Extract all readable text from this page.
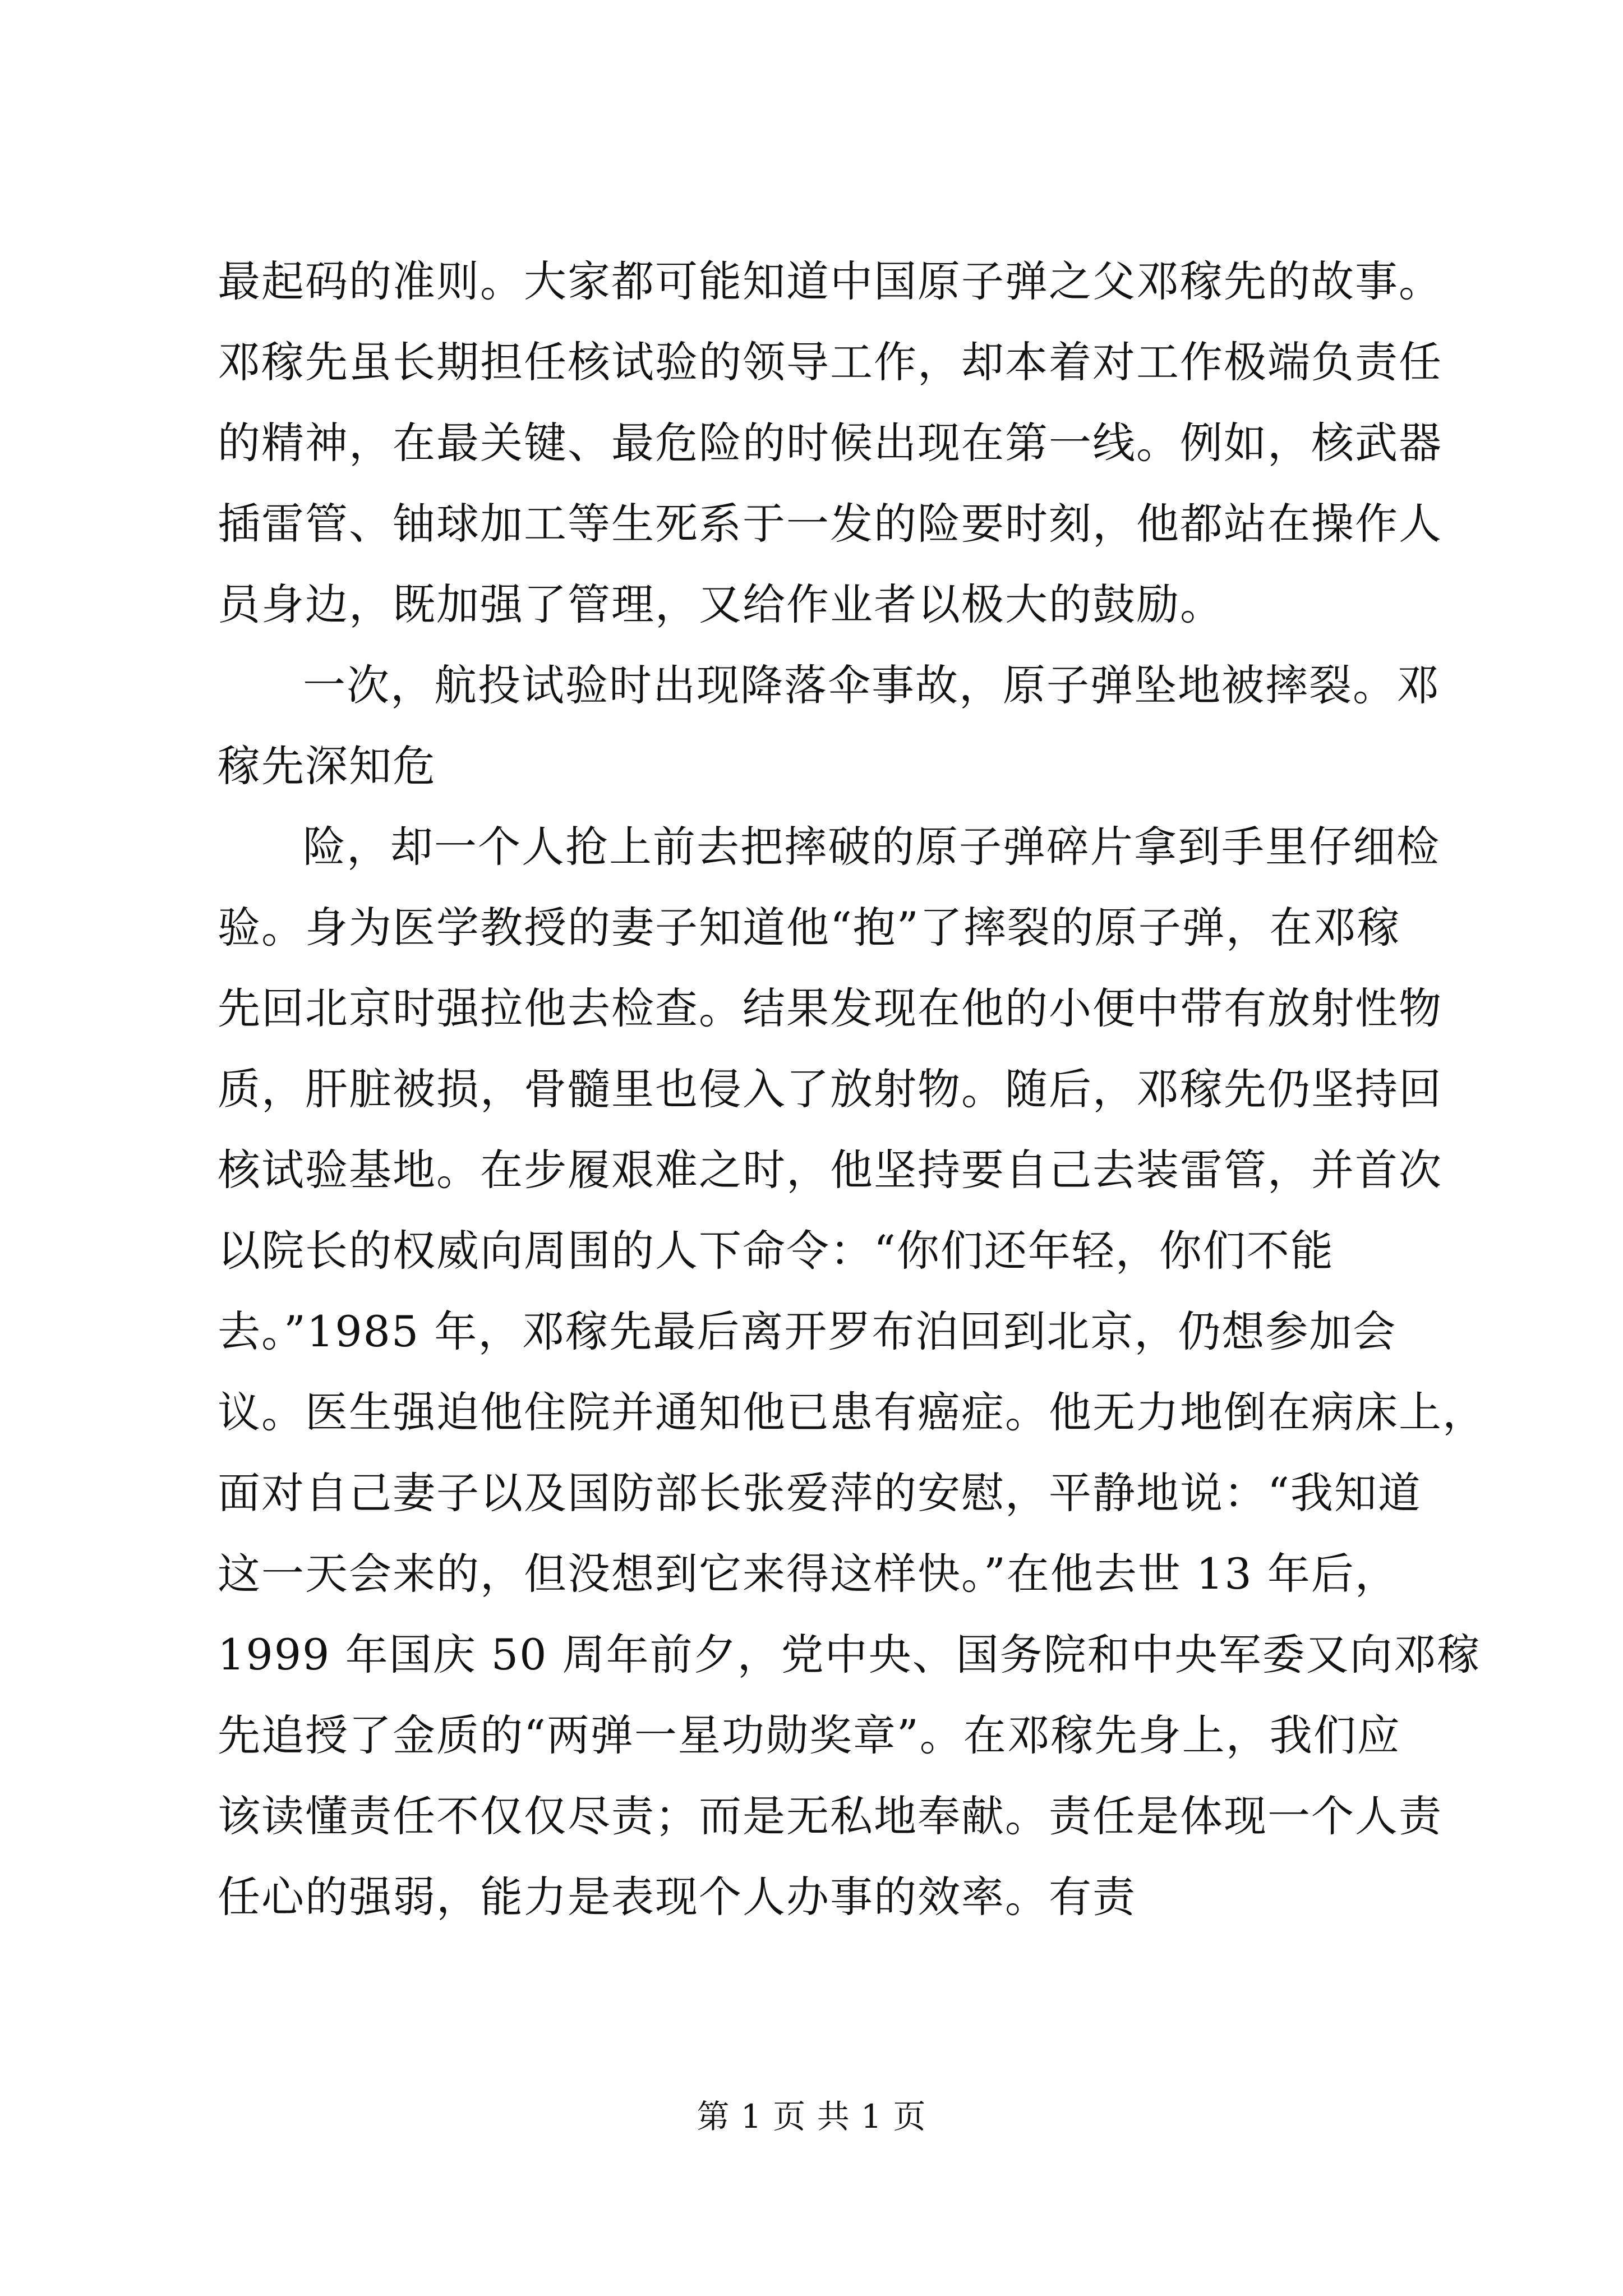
最起码的准则。大家都可能知道中国原子弹之父邓稼先的故事。
邓稼先虽长期担任核试验的领导工作，却本着对工作极端负责任
的精神，在最关键、最危险的时候出现在第一线。例如，核武器
插雷管、铀球加工等生死系于一发的险要时刻，他都站在操作人
员身边，既加强了管理，又给作业者以极大的鼓励。
一次，航投试验时出现降落伞事故，原子弹坠地被摔裂。邓
稼先深知危
险，却一个人抢上前去把摔破的原子弹碎片拿到手里仔细检
验。身为医学教授的妻子知道他“抱”了摔裂的原子弹，在邓稼
先回北京时强拉他去检查。结果发现在他的小便中带有放射性物
质，肝脏被损，骨髓里也侵入了放射物。随后，邓稼先仍坚持回
核试验基地。在步履艰难之时，他坚持要自己去装雷管，并首次
以院长的权威向周围的人下命令：“你们还年轻，你们不能
去。”1985 年，邓稼先最后离开罗布泊回到北京，仍想参加会
议。医生强迫他住院并通知他已患有癌症。他无力地倒在病床上，
面对自己妻子以及国防部长张爱萍的安慰，平静地说：“我知道
这一天会来的，但没想到它来得这样快。”在他去世 13 年后，
1999 年国庆 50 周年前夕，党中央、国务院和中央军委又向邓稼
先追授了金质的“两弹一星功勋奖章”。在邓稼先身上，我们应
该读懂责任不仅仅尽责；而是无私地奉献。责任是体现一个人责
任心的强弱，能力是表现个人办事的效率。有责
第 1 页 共 1 页
